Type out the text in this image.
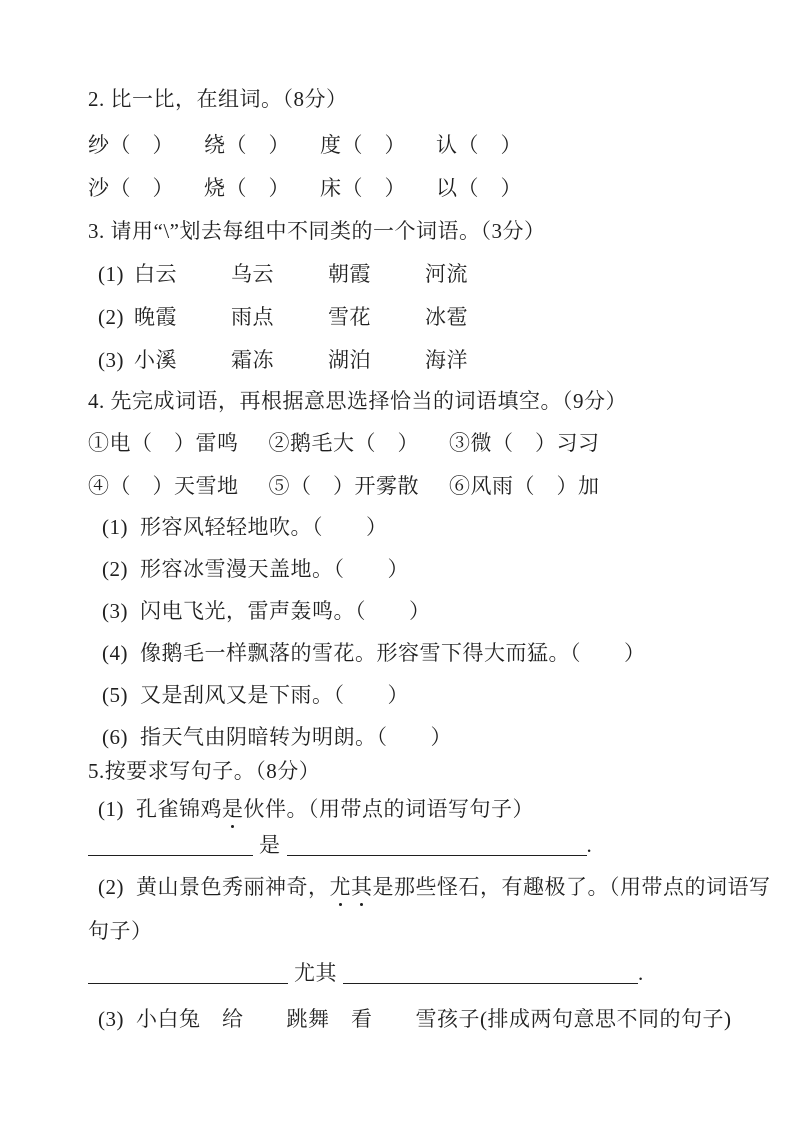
2. 比一比，在组词。（8分）
纱（　） 绕（　） 度（　） 认（　）
沙（　） 烧（　） 床（　） 以（　）
3. 请用“\”划去每组中不同类的一个词语。（3分）
(1) 白云	乌云	朝霞	河流
(2) 晚霞	雨点	雪花	冰雹
(3) 小溪	霜冻	湖泊	海洋
4. 先完成词语，再根据意思选择恰当的词语填空。（9分）
①电（　）雷鸣 ②鹅毛大（　） ③微（　）习习
④（　）天雪地 ⑤（　）开雾散 ⑥风雨（　）加
(1) 形容风轻轻地吹。（　　）
(2) 形容冰雪漫天盖地。（　　）
(3) 闪电飞光，雷声轰鸣。（　　）
(4) 像鹅毛一样飘落的雪花。形容雪下得大而猛。（　　）
(5) 又是刮风又是下雨。（　　）
(6) 指天气由阴暗转为明朗。（　　）
5.按要求写句子。（8分）
(1) 孔雀锦鸡是伙伴。（用带点的词语写句子）
是	.
(2) 黄山景色秀丽神奇，尤其是那些怪石，有趣极了。（用带点的词语写
句子）
尤其	.
(3) 小白兔　给　　跳舞　看　　雪孩子(排成两句意思不同的句子)
